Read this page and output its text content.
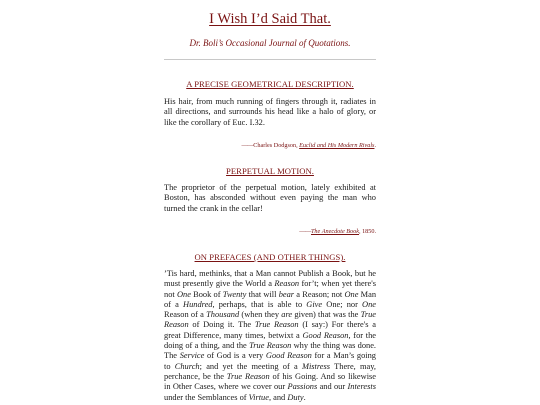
I Wish I’d Said That.
Dr. Boli’s Occasional Journal of Quotations.
A PRECISE GEOMETRICAL DESCRIPTION.
His hair, from much running of fingers through it, radiates in all directions, and surrounds his head like a halo of glory, or like the corollary of Euc. I.32.
——Charles Dodgson, Euclid and His Modern Rivals.
PERPETUAL MOTION.
The proprietor of the perpetual motion, lately exhibited at Boston, has absconded without even paying the man who turned the crank in the cellar!
——The Anecdote Book, 1850.
ON PREFACES (AND OTHER THINGS).
’Tis hard, methinks, that a Man cannot Publish a Book, but he must presently give the World a Reason for’t; when yet there's not One Book of Twenty that will bear a Reason; not One Man of a Hundred, perhaps, that is able to Give One; nor One Reason of a Thousand (when they are given) that was the True Reason of Doing it. The True Reason (I say:) For there's a great Difference, many times, betwixt a Good Reason, for the doing of a thing, and the True Reason why the thing was done. The Service of God is a very Good Reason for a Man’s going to Church; and yet the meeting of a Mistress There, may, perchance, be the True Reason of his Going. And so likewise in Other Cases, where we cover our Passions and our Interests under the Semblances of Virtue, and Duty.
